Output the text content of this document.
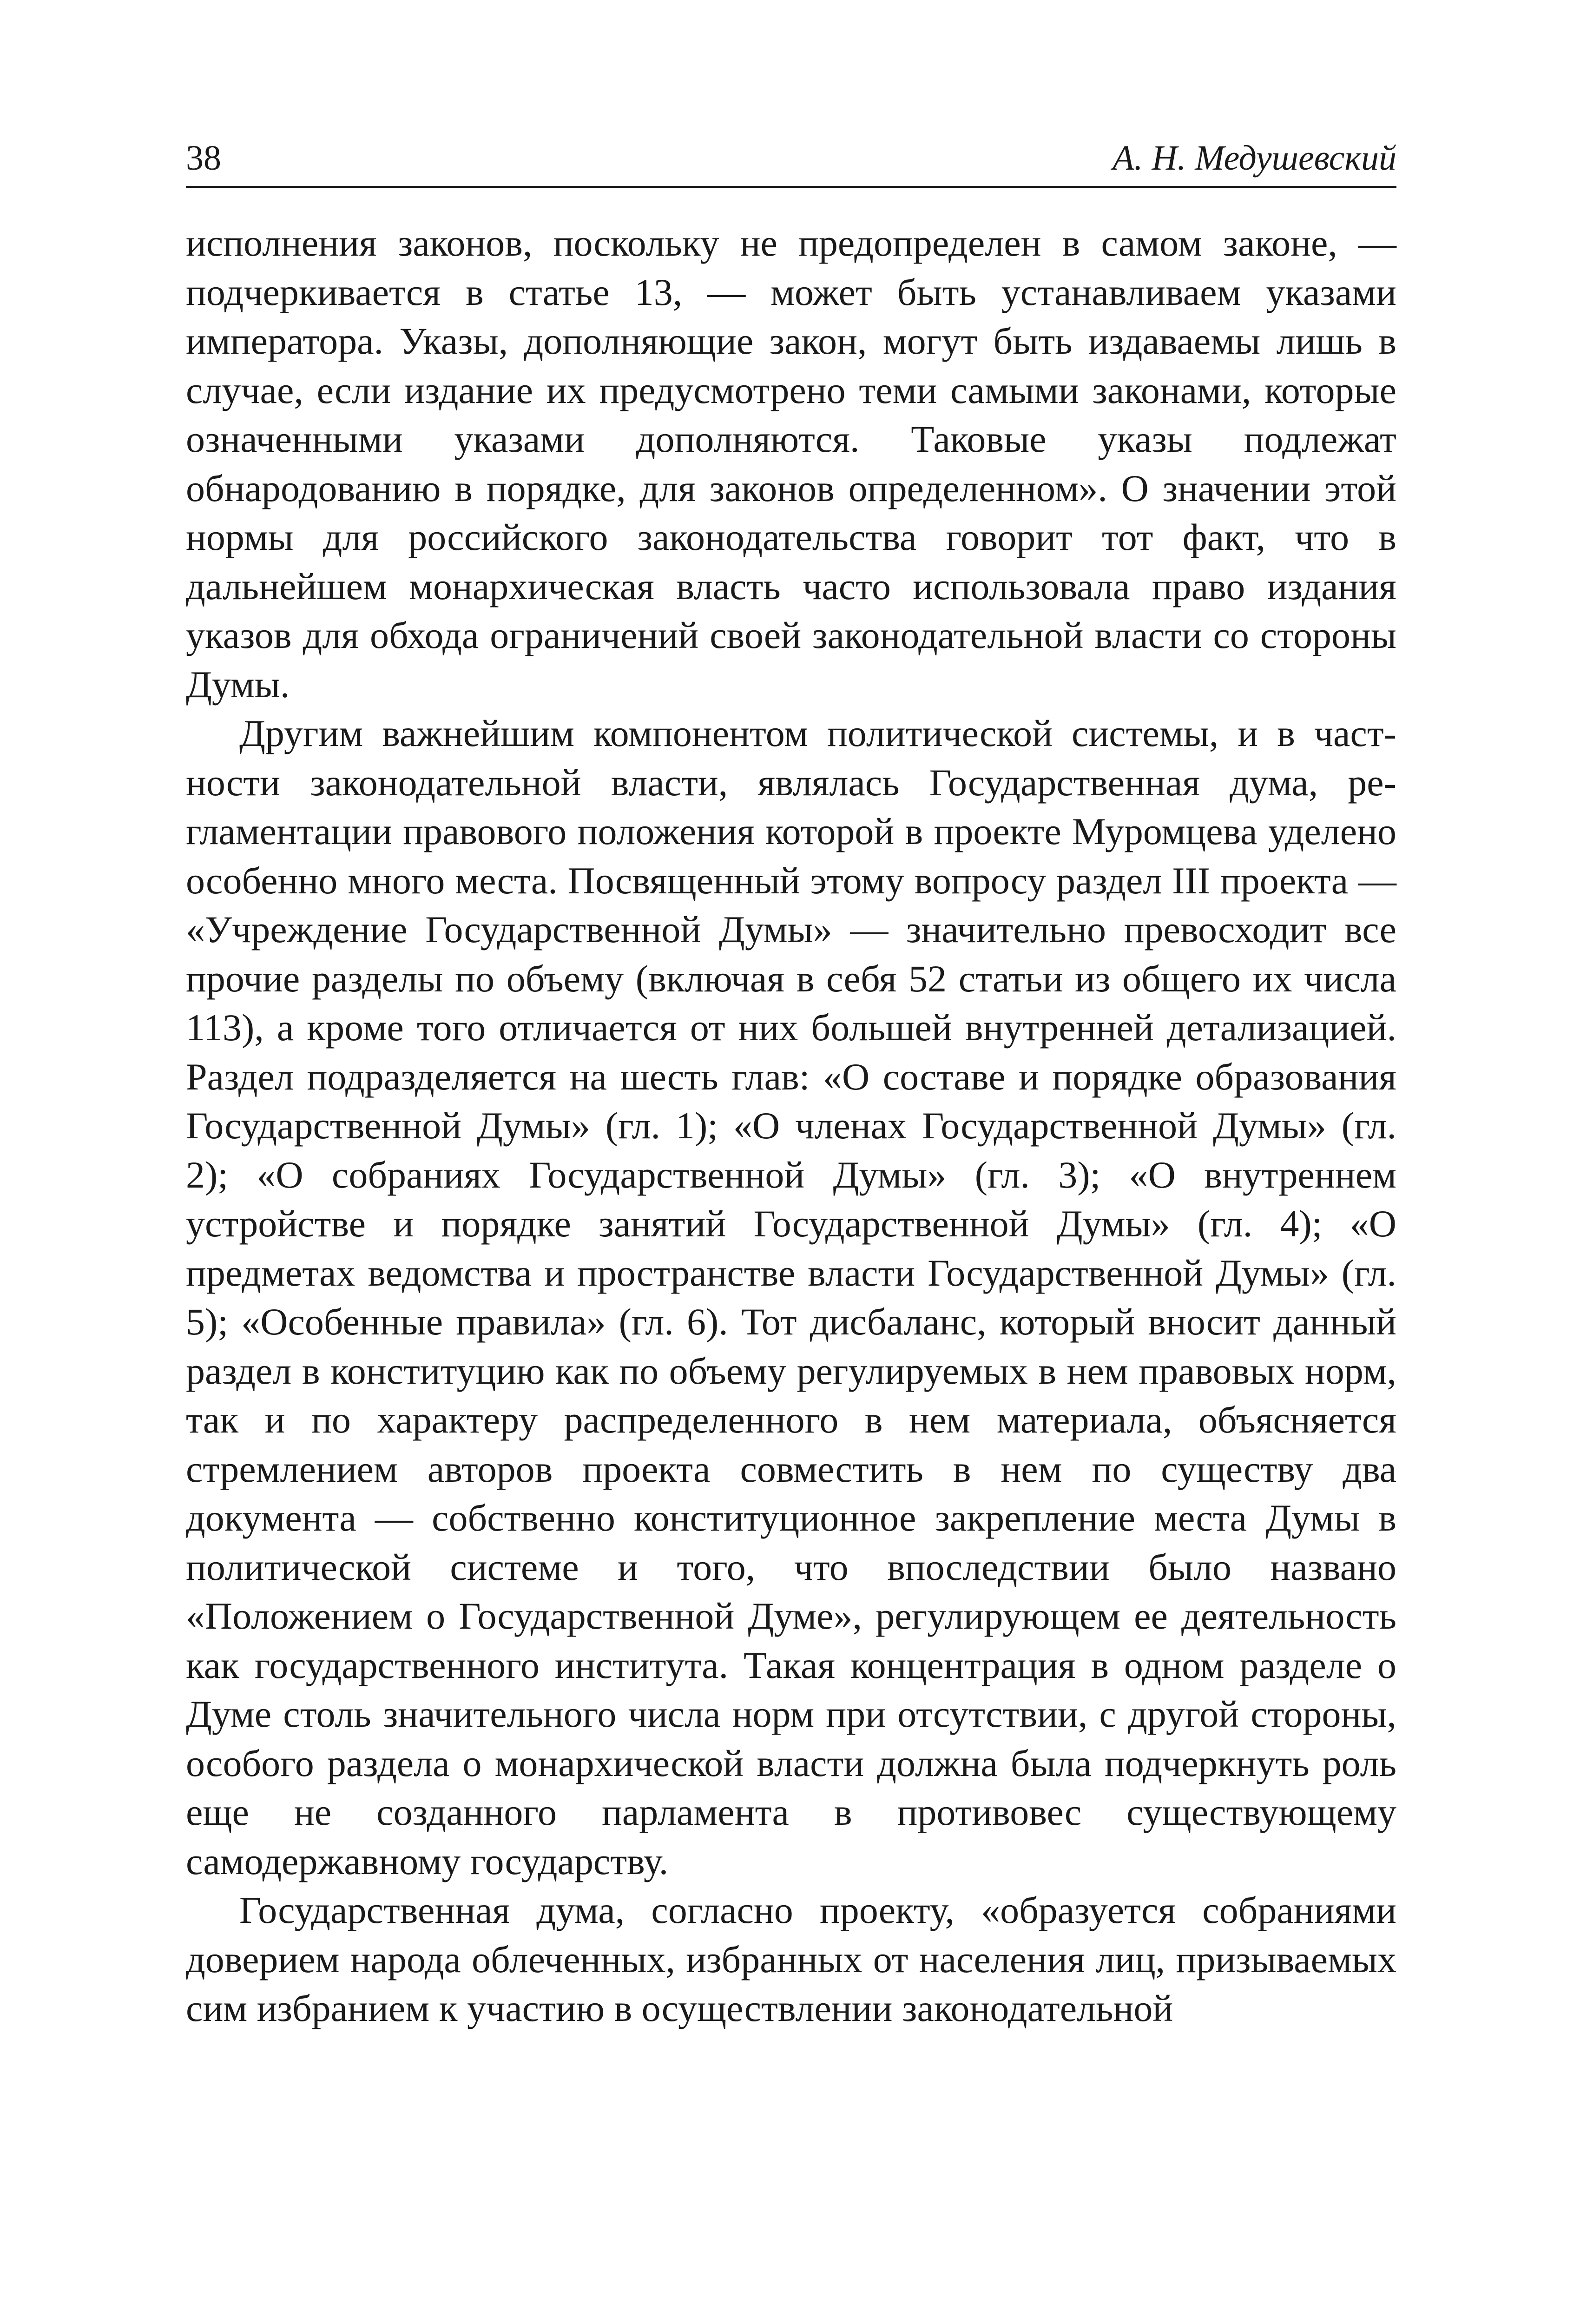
38	А. Н. Медушевский

исполнения законов, поскольку не предопределен в самом законе, — подчеркивается в статье 13, — может быть устанавливаем указами императора. Указы, дополняющие закон, могут быть издаваемы лишь в случае, если издание их предусмотрено теми самыми законами, которые означенными указами дополняются. Таковые указы подлежат обнародованию в порядке, для законов определенном». О значении этой нормы для российского законодательства говорит тот факт, что в дальнейшем монархическая власть часто использовала право издания указов для обхода ограничений своей законодательной власти со стороны Думы.

Другим важнейшим компонентом политической системы, и в частности законодательной власти, являлась Государственная дума, регламентации правового положения которой в проекте Муромцева уделено особенно много места. Посвященный этому вопросу раздел III проекта — «Учреждение Государственной Думы» — значительно превосходит все прочие разделы по объему (включая в себя 52 статьи из общего их числа 113), а кроме того отличается от них большей внутренней детализацией. Раздел подразделяется на шесть глав: «О составе и порядке образования Государственной Думы» (гл. 1); «О членах Государственной Думы» (гл. 2); «О собраниях Государственной Думы» (гл. 3); «О внутреннем устройстве и порядке занятий Государственной Думы» (гл. 4); «О предметах ведомства и пространстве власти Государственной Думы» (гл. 5); «Особенные правила» (гл. 6). Тот дисбаланс, который вносит данный раздел в конституцию как по объему регулируемых в нем правовых норм, так и по характеру распределенного в нем материала, объясняется стремлением авторов проекта совместить в нем по существу два документа — собственно конституционное закрепление места Думы в политической системе и того, что впоследствии было названо «Положением о Государственной Думе», регулирующем ее деятельность как государственного института. Такая концентрация в одном разделе о Думе столь значительного числа норм при отсутствии, с другой стороны, особого раздела о монархической власти должна была подчеркнуть роль еще не созданного парламента в противовес существующему самодержавному государству.

Государственная дума, согласно проекту, «образуется собраниями доверием народа облеченных, избранных от населения лиц, призываемых сим избранием к участию в осуществлении законодательной
